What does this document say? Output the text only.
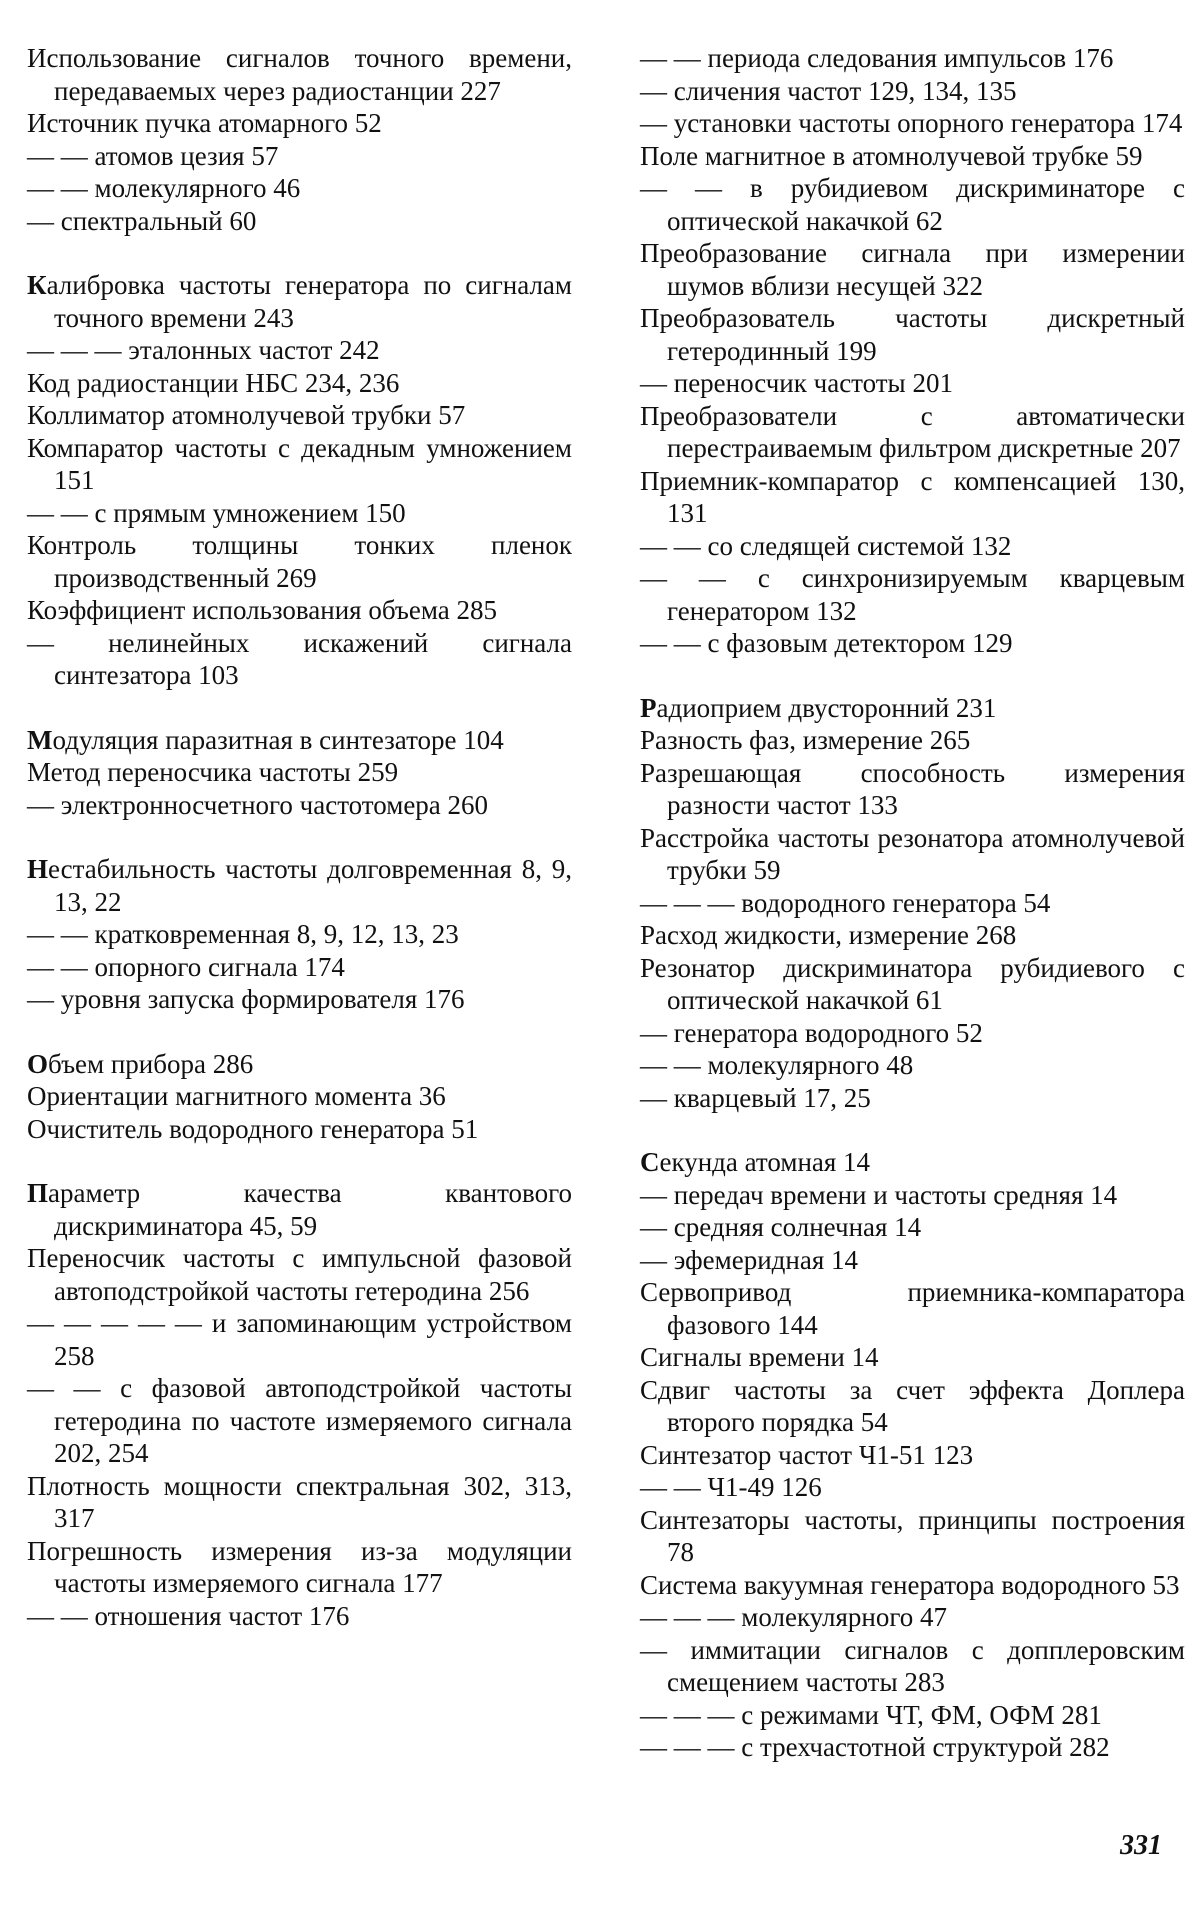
Использование сигналов точного времени, передаваемых через радиостанции 227
Источник пучка атомарного 52
— — атомов цезия 57
— — молекулярного 46
— спектральный 60
Калибровка частоты генератора по сигналам точного времени 243
— — — эталонных частот 242
Код радиостанции НБС 234, 236
Коллиматор атомнолучевой трубки 57
Компаратор частоты с декадным умножением 151
— — с прямым умножением 150
Контроль толщины тонких пленок производственный 269
Коэффициент использования объема 285
— нелинейных искажений сигнала синтезатора 103
Модуляция паразитная в синтезаторе 104
Метод переносчика частоты 259
— электронносчетного частотомера 260
Нестабильность частоты долговременная 8, 9, 13, 22
— — кратковременная 8, 9, 12, 13, 23
— — опорного сигнала 174
— уровня запуска формирователя 176
Объем прибора 286
Ориентации магнитного момента 36
Очиститель водородного генератора 51
Параметр качества квантового дискриминатора 45, 59
Переносчик частоты с импульсной фазовой автоподстройкой частоты гетеродина 256
— — — — — и запоминающим устройством 258
— — с фазовой автоподстройкой частоты гетеродина по частоте измеряемого сигнала 202, 254
Плотность мощности спектральная 302, 313, 317
Погрешность измерения из-за модуляции частоты измеряемого сигнала 177
— — отношения частот 176
— — периода следования импульсов 176
— сличения частот 129, 134, 135
— установки частоты опорного генератора 174
Поле магнитное в атомнолучевой трубке 59
— — в рубидиевом дискриминаторе с оптической накачкой 62
Преобразование сигнала при измерении шумов вблизи несущей 322
Преобразователь частоты дискретный гетеродинный 199
— переносчик частоты 201
Преобразователи с автоматически перестраиваемым фильтром дискретные 207
Приемник-компаратор с компенсацией 130, 131
— — со следящей системой 132
— — с синхронизируемым кварцевым генератором 132
— — с фазовым детектором 129
Радиоприем двусторонний 231
Разность фаз, измерение 265
Разрешающая способность измерения разности частот 133
Расстройка частоты резонатора атомнолучевой трубки 59
— — — водородного генератора 54
Расход жидкости, измерение 268
Резонатор дискриминатора рубидиевого с оптической накачкой 61
— генератора водородного 52
— — молекулярного 48
— кварцевый 17, 25
Секунда атомная 14
— передач времени и частоты средняя 14
— средняя солнечная 14
— эфемеридная 14
Сервопривод приемника-компаратора фазового 144
Сигналы времени 14
Сдвиг частоты за счет эффекта Доплера второго порядка 54
Синтезатор частот Ч1-51 123
— — Ч1-49 126
Синтезаторы частоты, принципы построения 78
Система вакуумная генератора водородного 53
— — — молекулярного 47
— иммитации сигналов с допплеровским смещением частоты 283
— — — с режимами ЧТ, ФМ, ОФМ 281
— — — с трехчастотной структурой 282
331
